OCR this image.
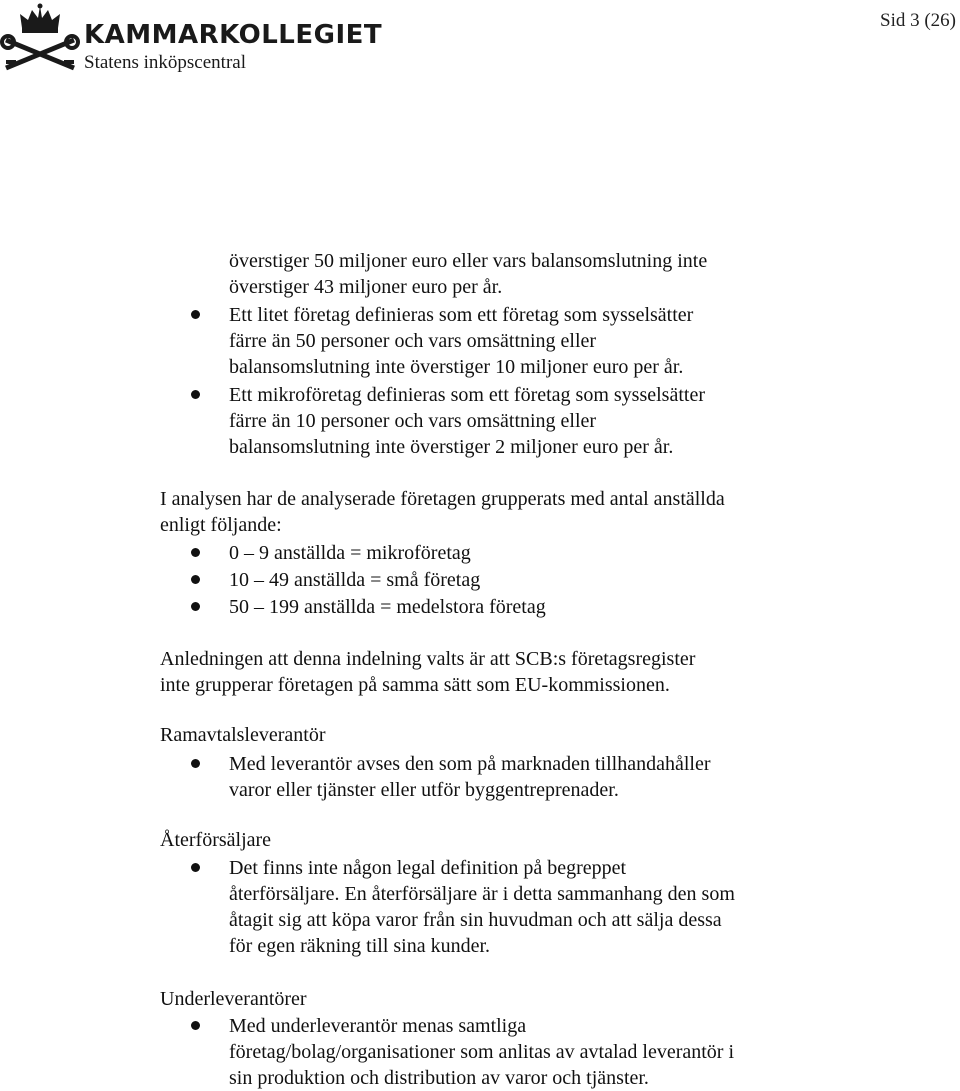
KAMMARKOLLEGIET
Statens inköpscentral
Sid 3 (26)
överstiger 50 miljoner euro eller vars balansomslutning inte
överstiger 43 miljoner euro per år.
Ett litet företag definieras som ett företag som sysselsätter
färre än 50 personer och vars omsättning eller
balansomslutning inte överstiger 10 miljoner euro per år.
Ett mikroföretag definieras som ett företag som sysselsätter
färre än 10 personer och vars omsättning eller
balansomslutning inte överstiger 2 miljoner euro per år.
I analysen har de analyserade företagen grupperats med antal anställda
enligt följande:
0 – 9 anställda = mikroföretag
10 – 49 anställda = små företag
50 – 199 anställda = medelstora företag
Anledningen att denna indelning valts är att SCB:s företagsregister
inte grupperar företagen på samma sätt som EU-kommissionen.
Ramavtalsleverantör
Med leverantör avses den som på marknaden tillhandahåller
varor eller tjänster eller utför byggentreprenader.
Återförsäljare
Det finns inte någon legal definition på begreppet
återförsäljare. En återförsäljare är i detta sammanhang den som
åtagit sig att köpa varor från sin huvudman och att sälja dessa
för egen räkning till sina kunder.
Underleverantörer
Med underleverantör menas samtliga
företag/bolag/organisationer som anlitas av avtalad leverantör i
sin produktion och distribution av varor och tjänster.
